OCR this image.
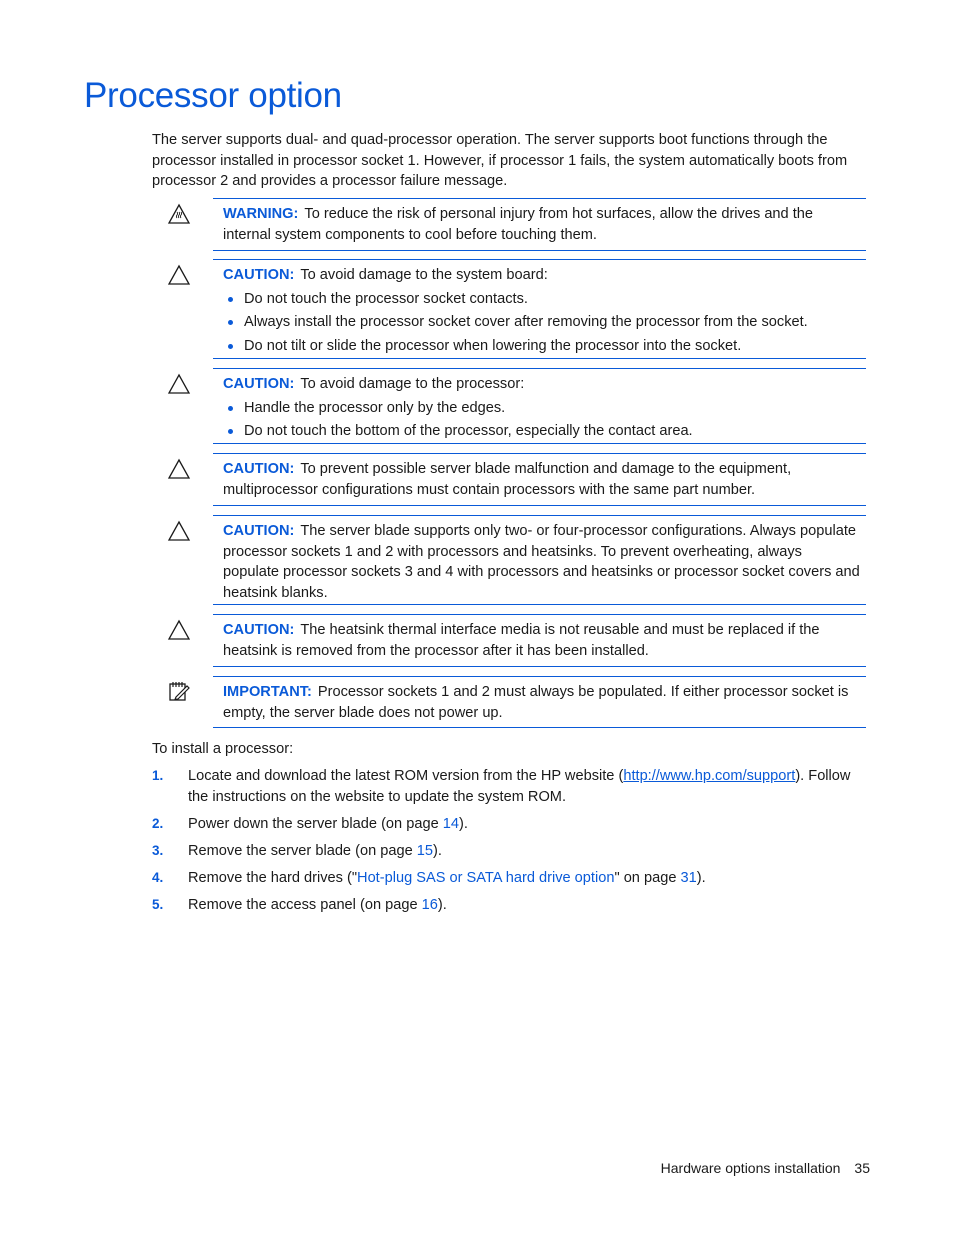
Processor option

The server supports dual- and quad-processor operation. The server supports boot functions through the processor installed in processor socket 1. However, if processor 1 fails, the system automatically boots from processor 2 and provides a processor failure message.

WARNING: To reduce the risk of personal injury from hot surfaces, allow the drives and the internal system components to cool before touching them.
CAUTION: To avoid damage to the system board:
Do not touch the processor socket contacts.
Always install the processor socket cover after removing the processor from the socket.
Do not tilt or slide the processor when lowering the processor into the socket.
CAUTION: To avoid damage to the processor:
Handle the processor only by the edges.
Do not touch the bottom of the processor, especially the contact area.
CAUTION: To prevent possible server blade malfunction and damage to the equipment, multiprocessor configurations must contain processors with the same part number.
CAUTION: The server blade supports only two- or four-processor configurations. Always populate processor sockets 1 and 2 with processors and heatsinks. To prevent overheating, always populate processor sockets 3 and 4 with processors and heatsinks or processor socket covers and heatsink blanks.
CAUTION: The heatsink thermal interface media is not reusable and must be replaced if the heatsink is removed from the processor after it has been installed.
IMPORTANT: Processor sockets 1 and 2 must always be populated. If either processor socket is empty, the server blade does not power up.
To install a processor:
1. Locate and download the latest ROM version from the HP website (http://www.hp.com/support). Follow the instructions on the website to update the system ROM.
2. Power down the server blade (on page 14).
3. Remove the server blade (on page 15).
4. Remove the hard drives ("Hot-plug SAS or SATA hard drive option" on page 31).
5. Remove the access panel (on page 16).
Hardware options installation 35
